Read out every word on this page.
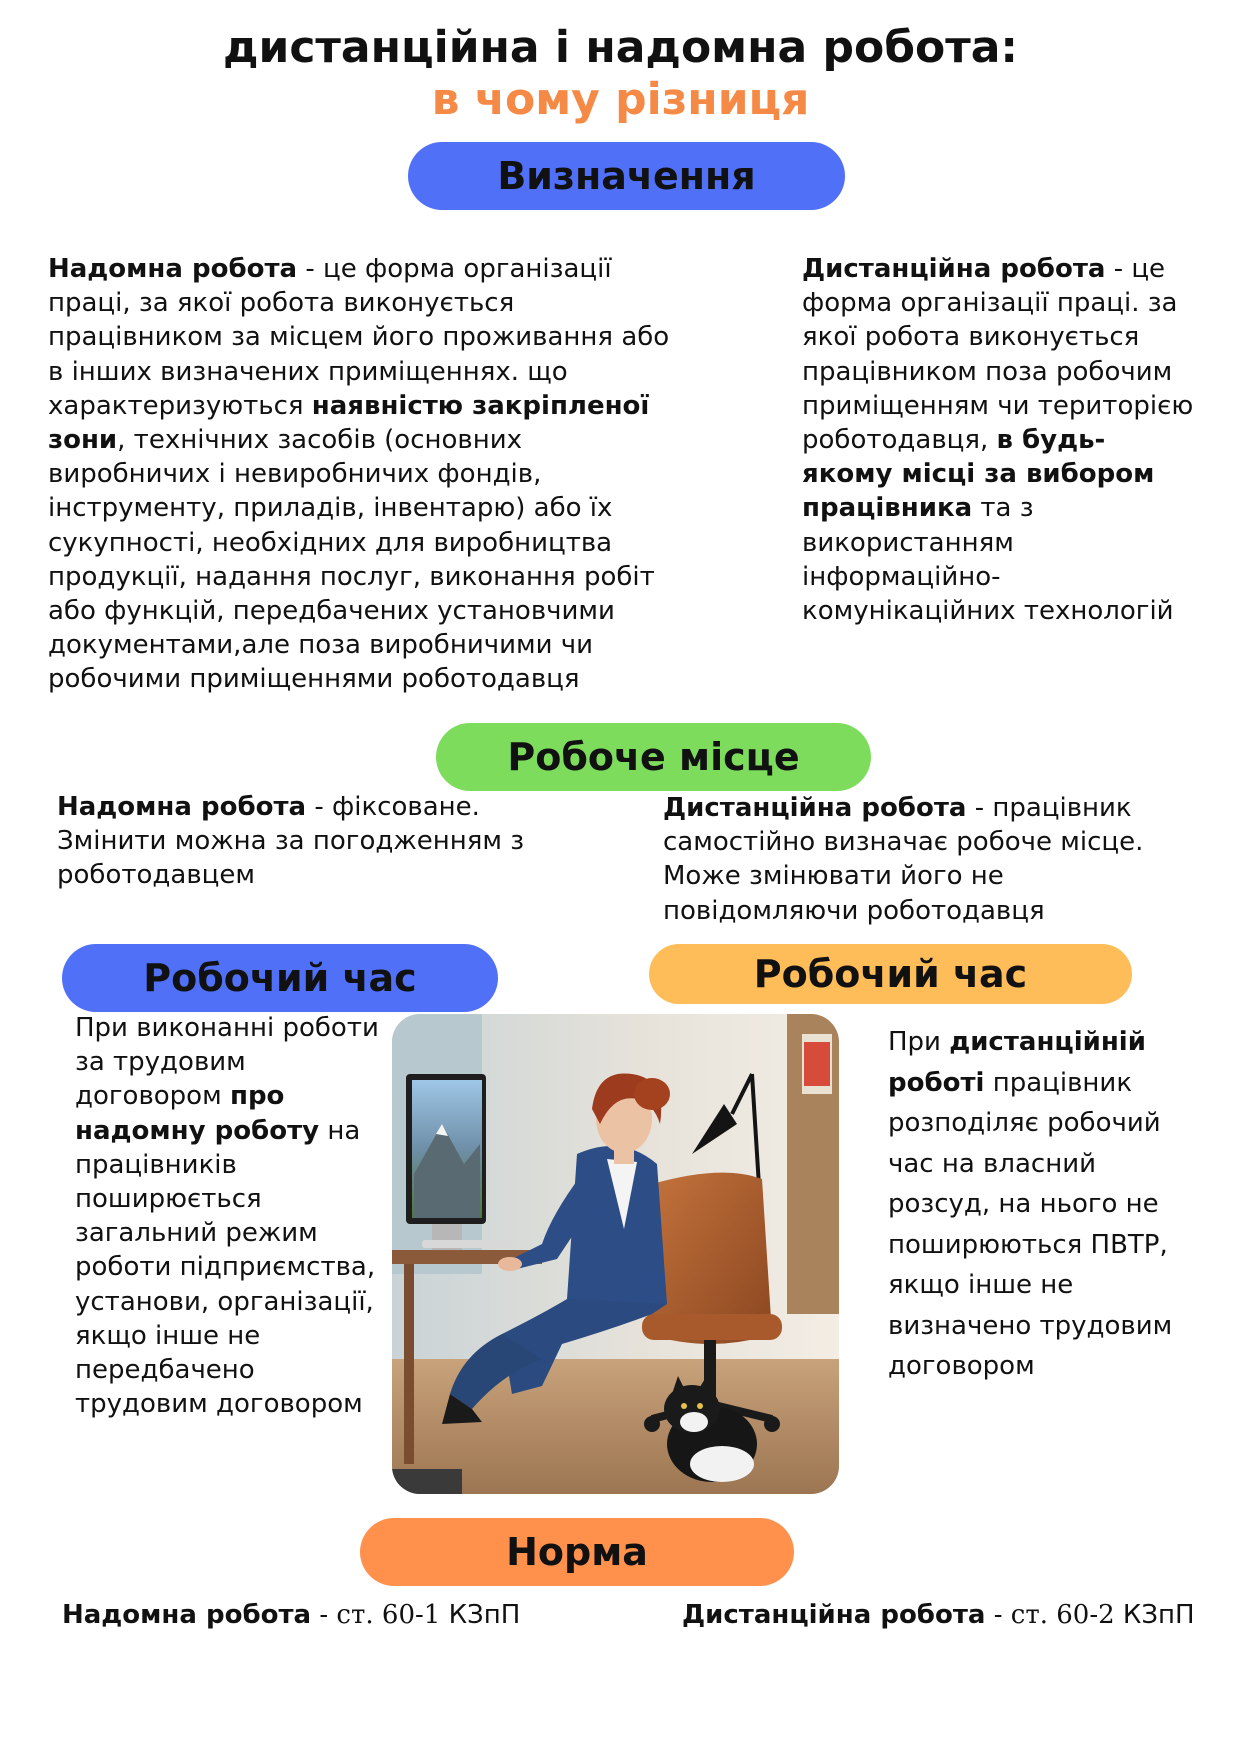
дистанційна і надомна робота:
в чому різниця
Визначення
Надомна робота - це форма організації праці, за якої робота виконується працівником за місцем його проживання або в інших визначених приміщеннях. що характеризуються наявністю закріпленої зони, технічних засобів (основних виробничих і невиробничих фондів, інструменту, приладів, інвентарю) або їх сукупності, необхідних для виробництва продукції, надання послуг, виконання робіт або функцій, передбачених установчими документами,але поза виробничими чи робочими приміщеннями роботодавця
Дистанційна робота - це форма організації праці. за якої робота виконується працівником поза робочим приміщенням чи територією роботодавця, в будь-якому місці за вибором працівника та з використанням інформаційно-комунікаційних технологій
Робоче місце
Надомна робота - фіксоване. Змінити можна за погодженням з роботодавцем
Дистанційна робота - працівник самостійно визначає робоче місце. Може змінювати його не повідомляючи роботодавця
Робочий час	Робочий час
При виконанні роботи за трудовим договором про надомну роботу на працівників поширюється загальний режим роботи підприємства, установи, організації, якщо інше не передбачено трудовим договором
При дистанційній роботі працівник розподіляє робочий час на власний розсуд, на нього не поширюються ПВТР, якщо інше не визначено трудовим договором
Норма
Надомна робота - ст. 60-1 КЗпП	Дистанційна робота - ст. 60-2 КЗпП
